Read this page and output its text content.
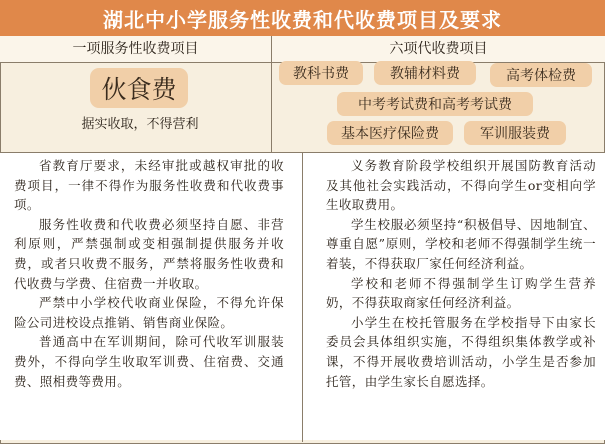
湖北中小学服务性收费和代收费项目及要求
一项服务性收费项目	六项代收费项目
伙食费
据实收取，不得营利
教科书费	教辅材料费	高考体检费
中考考试费和高考考试费
基本医疗保险费	军训服装费

省教育厅要求，未经审批或越权审批的收费项目，一律不得作为服务性收费和代收费事项。

服务性收费和代收费必须坚持自愿、非营利原则，严禁强制或变相强制提供服务并收费，或者只收费不服务，严禁将服务性收费和代收费与学费、住宿费一并收取。

严禁中小学校代收商业保险，不得允许保险公司进校设点推销、销售商业保险。

普通高中在军训期间，除可代收军训服装费外，不得向学生收取军训费、住宿费、交通费、照相费等费用。

义务教育阶段学校组织开展国防教育活动及其他社会实践活动，不得向学生or变相向学生收取费用。

学生校服必须坚持“积极倡导、因地制宜、尊重自愿”原则，学校和老师不得强制学生统一着装，不得获取厂家任何经济利益。

学校和老师不得强制学生订购学生营养奶，不得获取商家任何经济利益。

小学生在校托管服务在学校指导下由家长委员会具体组织实施，不得组织集体教学或补课，不得开展收费培训活动，小学生是否参加托管，由学生家长自愿选择。
